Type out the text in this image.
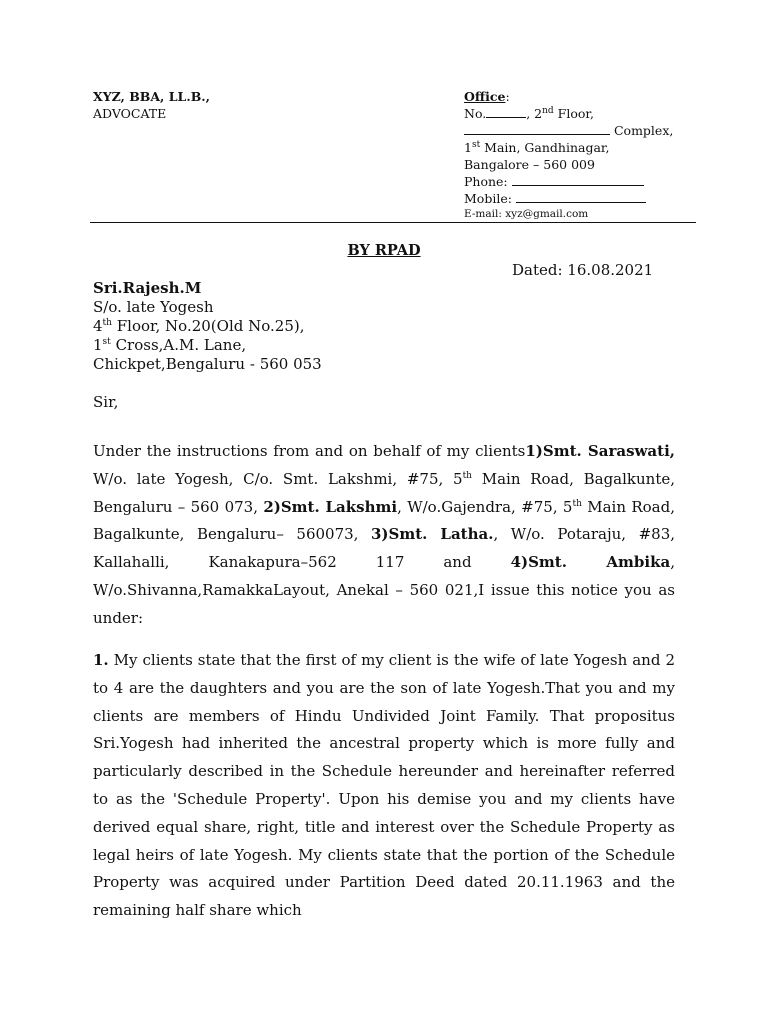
XYZ, BBA, LL.B.,
ADVOCATE
Office:
No.	, 2nd Floor,
Complex,
1st Main, Gandhinagar,
Bangalore – 560 009
Phone:
Mobile:
E-mail: xyz@gmail.com
BY RPAD
Dated: 16.08.2021
Sri.Rajesh.M
S/o. late Yogesh
4th Floor, No.20(Old No.25),
1st Cross,A.M. Lane,
Chickpet,Bengaluru - 560 053
Sir,

Under the instructions from and on behalf of my clients1)Smt. Saraswati, W/o. late Yogesh, C/o. Smt. Lakshmi, #75, 5th Main Road, Bagalkunte, Bengaluru – 560 073, 2)Smt. Lakshmi, W/o.Gajendra, #75, 5th Main Road, Bagalkunte, Bengaluru– 560073, 3)Smt. Latha., W/o. Potaraju, #83, Kallahalli, Kanakapura–562 117 and 4)Smt. Ambika, W/o.Shivanna,RamakkaLayout, Anekal – 560 021,I issue this notice you as under:

1. My clients state that the first of my client is the wife of late Yogesh and 2 to 4 are the daughters and you are the son of late Yogesh.That you and my clients are members of Hindu Undivided Joint Family. That propositus Sri.Yogesh had inherited the ancestral property which is more fully and particularly described in the Schedule hereunder and hereinafter referred to as the 'Schedule Property'. Upon his demise you and my clients have derived equal share, right, title and interest over the Schedule Property as legal heirs of late Yogesh. My clients state that the portion of the Schedule Property was acquired under Partition Deed dated 20.11.1963 and the remaining half share which
